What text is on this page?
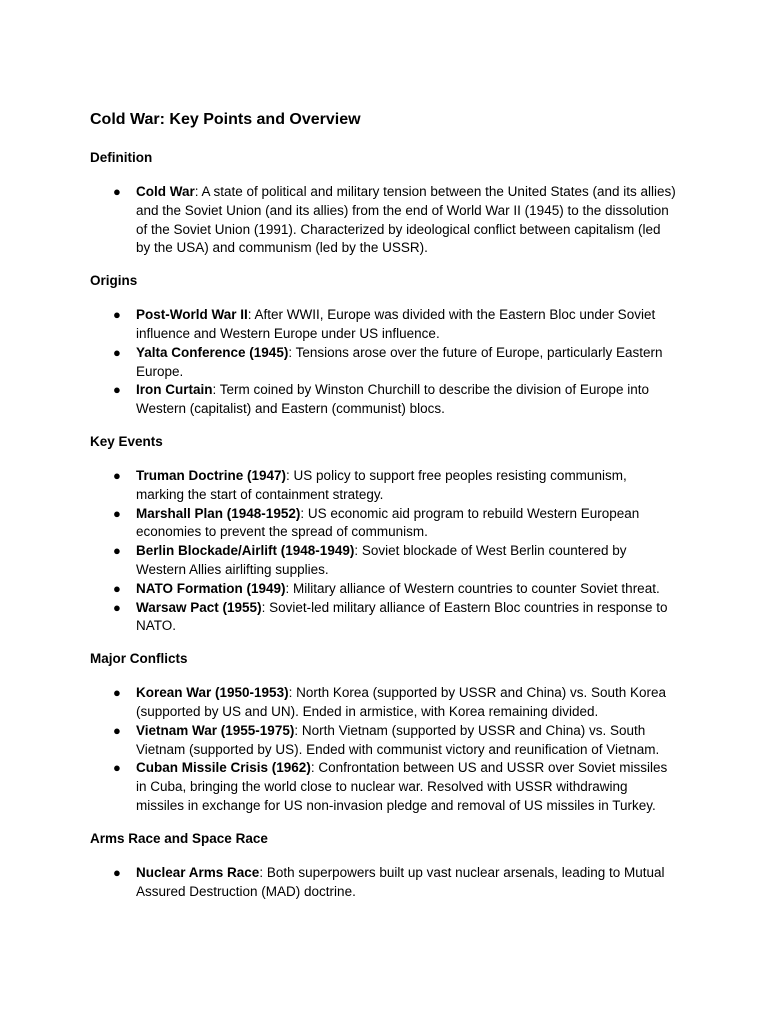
Cold War: Key Points and Overview
Definition
● Cold War: A state of political and military tension between the United States (and its allies) and the Soviet Union (and its allies) from the end of World War II (1945) to the dissolution of the Soviet Union (1991). Characterized by ideological conflict between capitalism (led by the USA) and communism (led by the USSR).
Origins
● Post-World War II: After WWII, Europe was divided with the Eastern Bloc under Soviet influence and Western Europe under US influence.
● Yalta Conference (1945): Tensions arose over the future of Europe, particularly Eastern Europe.
● Iron Curtain: Term coined by Winston Churchill to describe the division of Europe into Western (capitalist) and Eastern (communist) blocs.
Key Events
● Truman Doctrine (1947): US policy to support free peoples resisting communism, marking the start of containment strategy.
● Marshall Plan (1948-1952): US economic aid program to rebuild Western European economies to prevent the spread of communism.
● Berlin Blockade/Airlift (1948-1949): Soviet blockade of West Berlin countered by Western Allies airlifting supplies.
● NATO Formation (1949): Military alliance of Western countries to counter Soviet threat.
● Warsaw Pact (1955): Soviet-led military alliance of Eastern Bloc countries in response to NATO.
Major Conflicts
● Korean War (1950-1953): North Korea (supported by USSR and China) vs. South Korea (supported by US and UN). Ended in armistice, with Korea remaining divided.
● Vietnam War (1955-1975): North Vietnam (supported by USSR and China) vs. South Vietnam (supported by US). Ended with communist victory and reunification of Vietnam.
● Cuban Missile Crisis (1962): Confrontation between US and USSR over Soviet missiles in Cuba, bringing the world close to nuclear war. Resolved with USSR withdrawing missiles in exchange for US non-invasion pledge and removal of US missiles in Turkey.
Arms Race and Space Race
● Nuclear Arms Race: Both superpowers built up vast nuclear arsenals, leading to Mutual Assured Destruction (MAD) doctrine.
